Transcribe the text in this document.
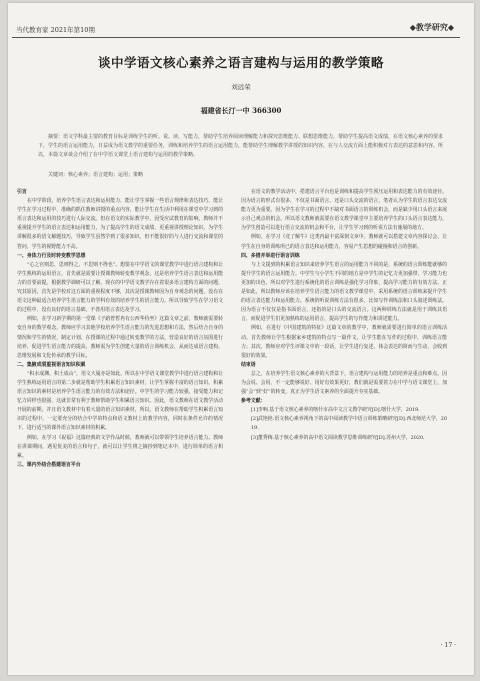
当代教育家 2021年第10期	◆教学研究◆
谈中学语文核心素养之语言建构与运用的教学策略
刘远荣
福建省长汀一中 366300
摘要：语文学科最主要的教育目标是训练学生的听、说、读、写能力，帮助学生培养阅读理解能力和探究思维能力、联想思维能力，帮助学生提高语文成绩，在语文核心素养的要求下，学生的语言运用能力，日益成为语文教学的重要任务，训练和培养学生的语言运用能力，能帮助学生理解教学讲授的知识内容，在与人交流方面上能积极对方表达的意思和内容。所以，本篇文章谈会介绍了在中学语文课堂上语言建构与运用的教学策略。
关键词：核心素养；语言建构；运用；策略

引言

在中学阶段，培养学生语言表达和运用能力，能让学生掌握一些语言规律和表达技巧，能让学生在学习过程中，准确的抓住教师讲授的重点内容，能让学生在生活中利用在课堂中学习到的语言表达和运用的技巧进行人际交流。但在语文的实际教学中，因受应试教育的影响，教师并不重视提升学生的语言表达和运用能力，为了提高学生的语文成绩，更重视讲授理论知识，为学生讲解很多的语文解题技巧，导致学生虽然学到了很多知识，但不能很好的与人进行交流和课堂的答问，学生的视野能力不高。

一、身体力行及时转变教学思想

“心之官则思，思则得之，不思则不得也”。想要在中学语文的课堂教学中进行语言建构和让学生熟练的运用语言，首先就是需要让授课教师转变教学观念，这是培养学生语言表达和运用能力的首要前提。根据教学调研可以了解，现在的中学语文教学存在着很多语言建构方面的问题，究其原因，首先是学校对这方面的重视程度不够，其次是授课教师因为自身观念的问题，没有在语文这种最适合培养学生语言能力的学科有效的培养学生的语言能力。所以导致学生在学习语文的过程中，没有良好的语言基础，不善用语言表达及学习。

例如，在学习新学期的第一堂课《子路曾皙冉有公西华侍坐》这篇文章之前，教师就需要转变自身的教学观念，教师应学习其他学校培养学生语言能力的先进思想和方法，然后结合自身的情况和学生的情况，制定计划，在授课的过程中通过转变教学的方法，营造良好的语言氛围进行培养，促进学生语言能力的提高，教师需为学生创建大量的语言训练机会，从而达成语言建构、思维发展和文化传承的教学目标。

二、集腋成裘重视语言知识积累

“积水成渊、积土成山”，语文大厦亦是如此。所以在中学语文课堂教学中进行语言建构和让学生熟练运用语言的第二步就是帮助学生积累语言知识素材，让学生掌握丰富的语言知识。积累语言知识的素材是培养学生语言能力的有效方法和途径。中学生的学习能力较强，接受能力和记忆力同样也很强，这就非常有利于教师帮助学生积累语言知识。因此，语文教师在语文教学活动开展的前期，并且语文教材中有着大量的语言知识素材，所以，语文教师在帮助学生积累语言知识的过程中，一定要充分的结合中学的特点和语文教材上的教学内容，同时在条件允许的情况下，进行适当的课外语言知识素材的积累。

例如，在学习《祝福》这篇经典的文学作品时候，教师就可以带领学生培养语言能力。教师在讲课期间，遇见优美的语言和句子，就可以让学生将之摘抄到笔记本中，进行简单的语言积累。

三、课内外结合搭建语言平台

在语文的教学活动中，搭建语言平台也是训练和提高学生预压运用和表达能力的有效途径。因为语言的形式有很多，不仅是书面语言，还是口头交流的语言，笔者认为学生的语言表达交流能力更为重要。因为学生在学习的过程中不缺对书面语言的训练机会，而是缺少用口头语言来展示自己观点的机会。所以语文教师就需要在语文教学课堂中主要培养学生的口头语言表达能力，为学生创造可以进行语言交流的机会和平台，让学生学习到的听说方法有施展的地方。

例如，在学习《竞了解牛》这类内最丰富深刻文章中，教师就可以搭建文章内容探讨会，让学生在自身的训练所已的语言表达和运用能力，容易产生思想的碰撞和语言的创新。

四、多措并举进行语言训练

与上文提到的积累语言知识来培养学生语言的运用能力不同的是，系统的语言训练能就够的提升学生的语言运用能力。中学生与小学生不同的地方是中学生的记忆力更加强带，学习能力也更加的出色，所以对学生进行系统化的语言训练是强化学习印象，提高学习能力的有效方法。正是如此，所以教师应该在培养学生语言能力的语文教学课堂中，采用系统的语言训练来提升学生的语言表达能力和运用能力。系统的听说训练方法有很多，比如写作训练法和口头叙述训练法。因为语言不仅仅是指书面语言，还指的是口头的交流语言。这两种训练方法就是用于训练其语言，而促进学生们更加熟练的运用语言，提高学生的写作能力和讲述能力。

例如，在进行《中国建筑的特征》这篇文章的教学中，教师就需要进行简单的语言训练活动。首先教师让学生根据家乡建筑的特点写一篇作文，让学生能在写作的过程中，训练语言能力；其次，教师应对学生评课文中的一段话，让学生进行复述，体会表达的简而与生动，会收到很好的效果。

结束语

总之，在培养学生语文核心素养的大背景下，语言建构与运用能力的培养是重点和难点。因为会说、会用，不一定能够说好、用好有效果更好，教们就是需要着力在中学与语文课堂上，加强“会”到“好”的转变，真正为学生语文素养的全面提升夯实基础。

参考文献：

[1]李响.基于语文核心素养的喀什市高中文言文教学研究[D].喀什大学，2019.

[2]武艳艳.语文核心素养视角下的高中阅读教学中语言训练策略研究[D].西北师范大学，2019.

[3]董秀梅.基于核心素养的高中语文阅读教学思维训练研究[D].苏州大学，2020.

· 17 ·
